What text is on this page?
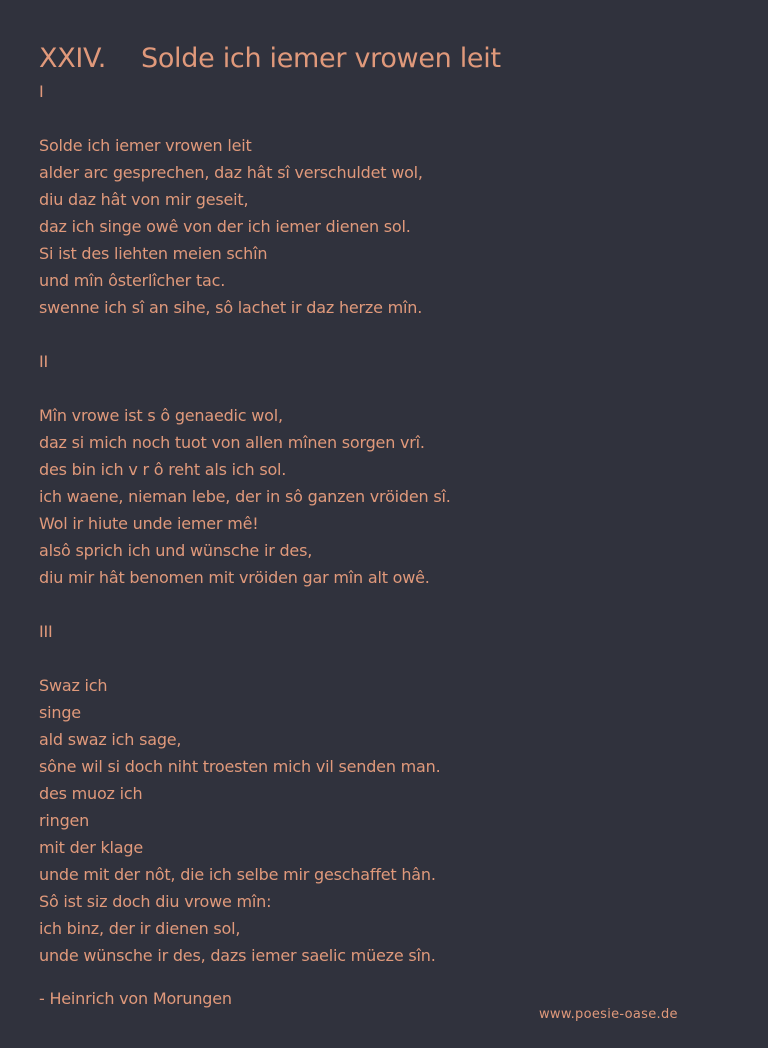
XXIV. Solde ich iemer vrowen leit
I
Solde ich iemer vrowen leit
alder arc gesprechen, daz hât sî verschuldet wol,
diu daz hât von mir geseit,
daz ich singe owê von der ich iemer dienen sol.
Si ist des liehten meien schîn
und mîn ôsterlîcher tac.
swenne ich sî an sihe, sô lachet ir daz herze mîn.
II
Mîn vrowe ist s ô genaedic wol,
daz si mich noch tuot von allen mînen sorgen vrî.
des bin ich v r ô reht als ich sol.
ich waene, nieman lebe, der in sô ganzen vröiden sî.
Wol ir hiute unde iemer mê!
alsô sprich ich und wünsche ir des,
diu mir hât benomen mit vröiden gar mîn alt owê.
III
Swaz ich
singe
ald swaz ich sage,
sône wil si doch niht troesten mich vil senden man.
des muoz ich
ringen
mit der klage
unde mit der nôt, die ich selbe mir geschaffet hân.
Sô ist siz doch diu vrowe mîn:
ich binz, der ir dienen sol,
unde wünsche ir des, dazs iemer saelic müeze sîn.
- Heinrich von Morungen
www.poesie-oase.de
